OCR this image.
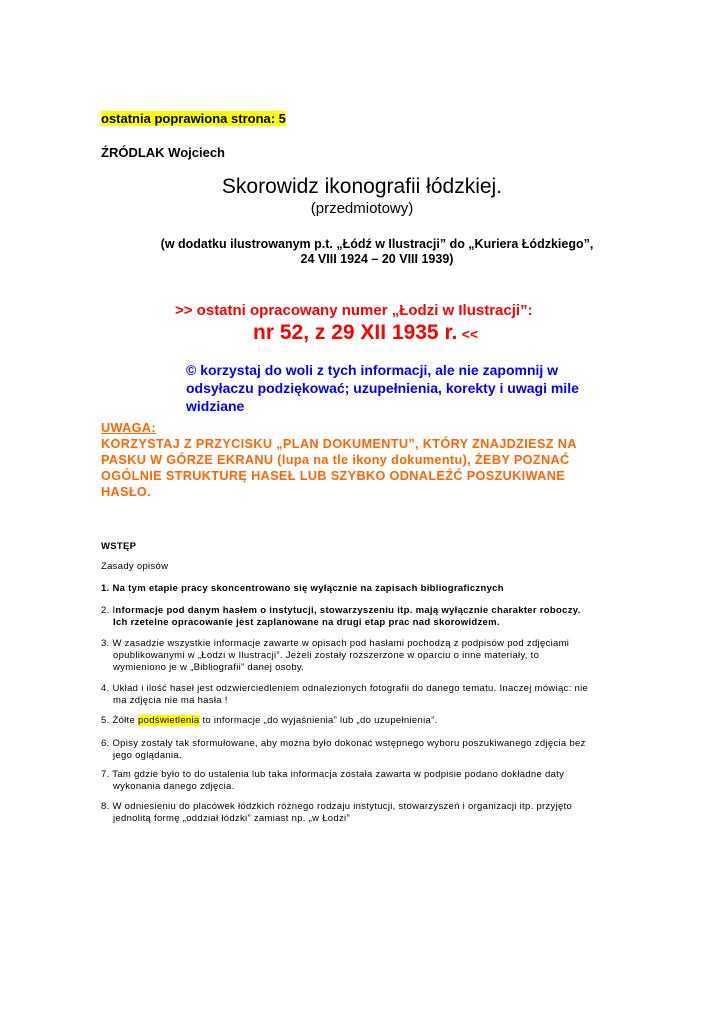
ostatnia poprawiona strona: 5
ŹRÓDLAK Wojciech
Skorowidz ikonografii łódzkiej.
(przedmiotowy)
(w dodatku ilustrowanym p.t. „Łódź w Ilustracji” do „Kuriera Łódzkiego”,
24 VIII 1924 – 20 VIII 1939)
>> ostatni opracowany numer „Łodzi w Ilustracji”:
nr 52, z 29 XII 1935 r. <<
© korzystaj do woli z tych informacji, ale nie zapomnij w
odsyłaczu podziękować; uzupełnienia, korekty i uwagi mile
widziane
UWAGA:
KORZYSTAJ Z PRZYCISKU „PLAN DOKUMENTU”, KTÓRY ZNAJDZIESZ NA
PASKU W GÓRZE EKRANU (lupa na tle ikony dokumentu), ŻEBY POZNAĆ
OGÓLNIE STRUKTURĘ HASEŁ LUB SZYBKO ODNALEŹĆ POSZUKIWANE
HASŁO.
WSTĘP
Zasady opisów
1. Na tym etapie pracy skoncentrowano się wyłącznie na zapisach bibliograficznych
2. Informacje pod danym hasłem o instytucji, stowarzyszeniu itp. mają wyłącznie charakter roboczy.
Ich rzetelne opracowanie jest zaplanowane na drugi etap prac nad skorowidzem.
3. W zasadzie wszystkie informacje zawarte w opisach pod hasłami pochodzą z podpisów pod zdjęciami
opublikowanymi w „Łodzi w Ilustracji”. Jeżeli zostały rozszerzone w oparciu o inne materiały, to
wymieniono je w „Bibliografii” danej osoby.
4. Układ i ilość haseł jest odzwierciedleniem odnalezionych fotografii do danego tematu. Inaczej mówiąc: nie
ma zdjęcia nie ma hasła !
5. Żółte podświetlenia to informacje „do wyjaśnienia” lub „do uzupełnienia”.
6. Opisy zostały tak sformułowane, aby można było dokonać wstępnego wyboru poszukiwanego zdjęcia bez
jego oglądania.
7. Tam gdzie było to do ustalenia lub taka informacja została zawarta w podpisie podano dokładne daty
wykonania danego zdjęcia.
8. W odniesieniu do placówek łódzkich różnego rodzaju instytucji, stowarzyszeń i organizacji itp. przyjęto
jednolitą formę „oddział łódzki” zamiast np. „w Łodzi”
